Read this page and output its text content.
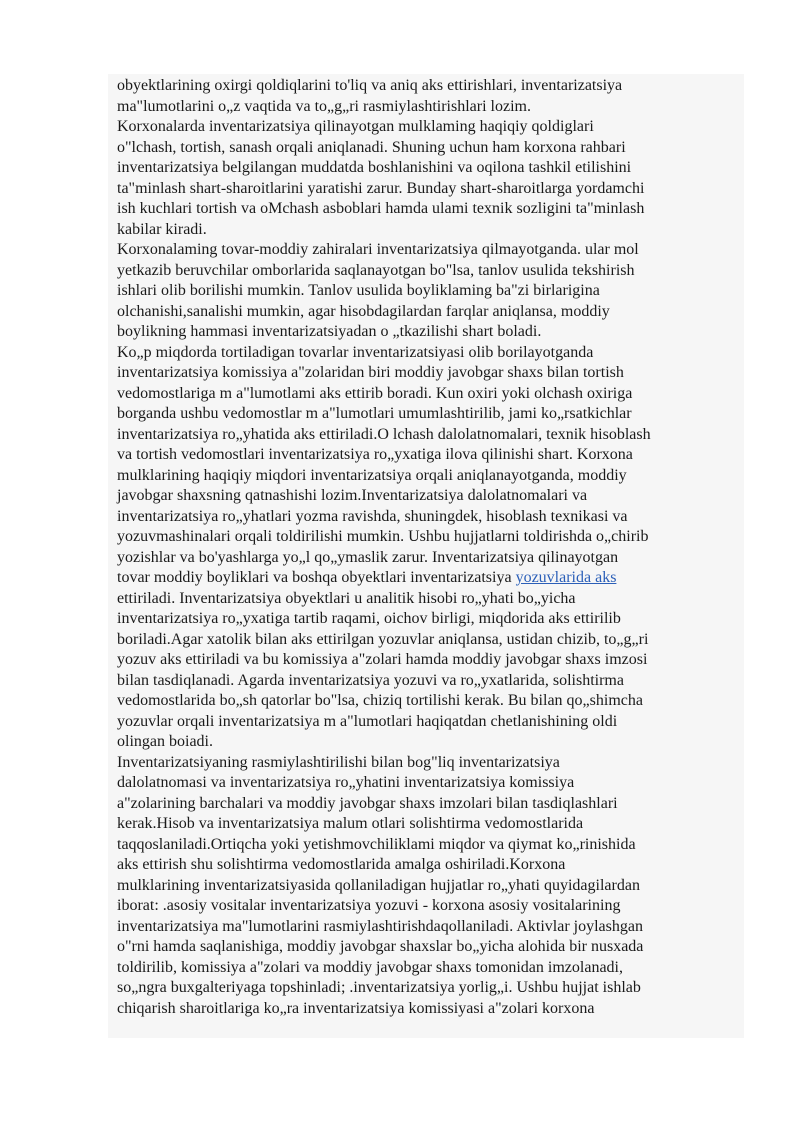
obyektlarining oxirgi qoldiqlarini to'liq va aniq aks ettirishlari, inventarizatsiya
ma"lumotlarini o„z vaqtida va to„g„ri rasmiylashtirishlari lozim.
Korxonalarda inventarizatsiya qilinayotgan mulklaming haqiqiy qoldiglari
o"lchash, tortish, sanash orqali aniqlanadi. Shuning uchun ham korxona rahbari
inventarizatsiya belgilangan muddatda boshlanishini va oqilona tashkil etilishini
ta"minlash shart-sharoitlarini yaratishi zarur. Bunday shart-sharoitlarga yordamchi
ish kuchlari tortish va oMchash asboblari hamda ulami texnik sozligini ta"minlash
kabilar kiradi.
Korxonalaming tovar-moddiy zahiralari inventarizatsiya qilmayotganda. ular mol
yetkazib beruvchilar omborlarida saqlanayotgan bo"lsa, tanlov usulida tekshirish
ishlari olib borilishi mumkin. Tanlov usulida boyliklaming ba"zi birlarigina
olchanishi,sanalishi mumkin, agar hisobdagilardan farqlar aniqlansa, moddiy
boylikning hammasi inventarizatsiyadan o „tkazilishi shart boladi.
Ko„p miqdorda tortiladigan tovarlar inventarizatsiyasi olib borilayotganda
inventarizatsiya komissiya a"zolaridan biri moddiy javobgar shaxs bilan tortish
vedomostlariga m a"lumotlami aks ettirib boradi. Kun oxiri yoki olchash oxiriga
borganda ushbu vedomostlar m a"lumotlari umumlashtirilib, jami ko„rsatkichlar
inventarizatsiya ro„yhatida aks ettiriladi.O lchash dalolatnomalari, texnik hisoblash
va tortish vedomostlari inventarizatsiya ro„yxatiga ilova qilinishi shart. Korxona
mulklarining haqiqiy miqdori inventarizatsiya orqali aniqlanayotganda, moddiy
javobgar shaxsning qatnashishi lozim.Inventarizatsiya dalolatnomalari va
inventarizatsiya ro„yhatlari yozma ravishda, shuningdek, hisoblash texnikasi va
yozuvmashinalari orqali toldirilishi mumkin. Ushbu hujjatlarni toldirishda o„chirib
yozishlar va bo'yashlarga yo„l qo„ymaslik zarur. Inventarizatsiya qilinayotgan
tovar moddiy boyliklari va boshqa obyektlari inventarizatsiya yozuvlarida aks
ettiriladi. Inventarizatsiya obyektlari u analitik hisobi ro„yhati bo„yicha
inventarizatsiya ro„yxatiga tartib raqami, oichov birligi, miqdorida aks ettirilib
boriladi.Agar xatolik bilan aks ettirilgan yozuvlar aniqlansa, ustidan chizib, to„g„ri
yozuv aks ettiriladi va bu komissiya a"zolari hamda moddiy javobgar shaxs imzosi
bilan tasdiqlanadi. Agarda inventarizatsiya yozuvi va ro„yxatlarida, solishtirma
vedomostlarida bo„sh qatorlar bo"lsa, chiziq tortilishi kerak. Bu bilan qo„shimcha
yozuvlar orqali inventarizatsiya m a"lumotlari haqiqatdan chetlanishining oldi
olingan boiadi.
Inventarizatsiyaning rasmiylashtirilishi bilan bog"liq inventarizatsiya
dalolatnomasi va inventarizatsiya ro„yhatini inventarizatsiya komissiya
a"zolarining barchalari va moddiy javobgar shaxs imzolari bilan tasdiqlashlari
kerak.Hisob va inventarizatsiya malum otlari solishtirma vedomostlarida
taqqoslaniladi.Ortiqcha yoki yetishmovchiliklami miqdor va qiymat ko„rinishida
aks ettirish shu solishtirma vedomostlarida amalga oshiriladi.Korxona
mulklarining inventarizatsiyasida qollaniladigan hujjatlar ro„yhati quyidagilardan
iborat: .asosiy vositalar inventarizatsiya yozuvi - korxona asosiy vositalarining
inventarizatsiya ma"lumotlarini rasmiylashtirishdaqollaniladi. Aktivlar joylashgan
o"rni hamda saqlanishiga, moddiy javobgar shaxslar bo„yicha alohida bir nusxada
toldirilib, komissiya a"zolari va moddiy javobgar shaxs tomonidan imzolanadi,
so„ngra buxgalteriyaga topshinladi; .inventarizatsiya yorlig„i. Ushbu hujjat ishlab
chiqarish sharoitlariga ko„ra inventarizatsiya komissiyasi a"zolari korxona
